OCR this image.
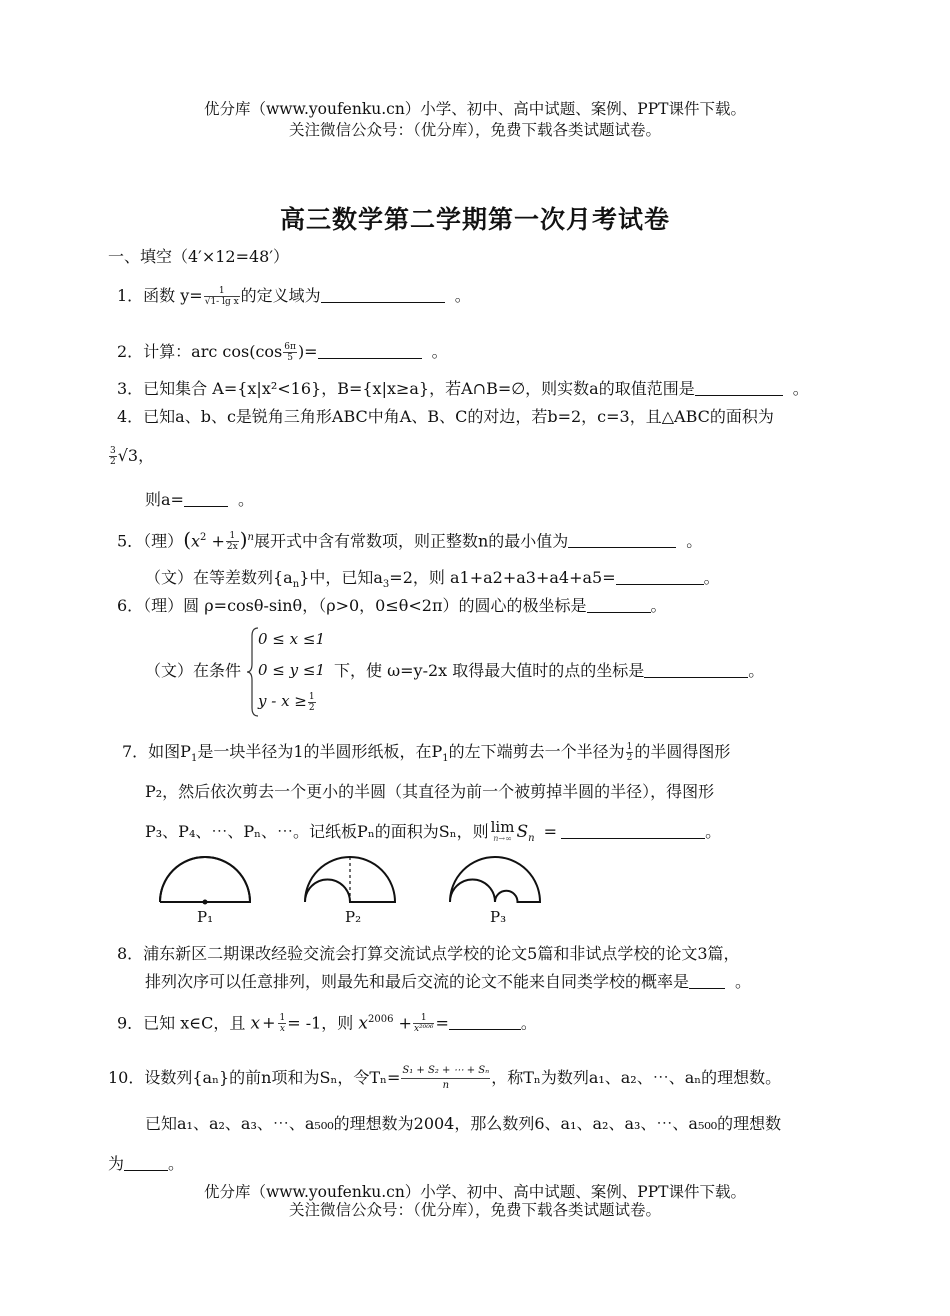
优分库（www.youfenku.cn）小学、初中、高中试题、案例、PPT课件下载。
关注微信公众号：（优分库），免费下载各类试题试卷。
高三数学第二学期第一次月考试卷
一、填空（4′×12=48′）
1．函数 $y= \frac{1}{\text{√1- lg x}}$ 的定义域为	。
2．计算：arc $\cos(\cos \frac{6\pi}{5}$ )=	。
3．已知集合 A={x|x²<16}，B={x|x≥a}，若A∩B=∅，则实数a的取值范围是	。
4．已知a、b、c是锐角三角形ABC中角A、B、C的对边，若b=2，c=3，且△ABC的面积为
$\frac{3}{2} √3$，
则a=	。
5．（理）$(x^2 + \frac{1}{2x} )^n$展开式中含有常数项，则正整数n的最小值为	。
（文）在等差数列$\{a_n\}$中，已知$a_3=2$，则 a1+a2+a3+a4+a5=	。
6．（理）圆 ρ=cosθ-sinθ，（ρ>0，0≤θ<2π）的圆心的极坐标是	。
（文）在条件
0 ≤ x ≤1
0 ≤ y ≤1
$y - x \ge \frac{1}{2}$
下，使 ω=y-2x 取得最大值时的点的坐标是	。
7．如图$P_1$是一块半径为1的半圆形纸板，在$P_1$的左下端剪去一个半径为 $\frac{1}{2}$ 的半圆得图形
P₂，然后依次剪去一个更小的半圆（其直径为前一个被剪掉半圆的半径），得图形
P₃、P₄、⋯、Pₙ、⋯。记纸板Pₙ的面积为Sₙ，则 lim
n→∞ $S_n$ =	。
P₁	P₂	P₃
8．浦东新区二期课改经验交流会打算交流试点学校的论文5篇和非试点学校的论文3篇，
排列次序可以任意排列，则最先和最后交流的论文不能来自同类学校的概率是	。
9．已知 x∈C，且 $x + \frac{1}{x} = -1$，则 $x^{2006} + \frac{1}{\text{x²⁰⁰⁶}}$ =	。
10．设数列{aₙ}的前n项和为Sₙ，令$T_n= \frac{\text{S₁ + S₂ + ⋯ + Sₙ}}{n}$ ，称Tₙ为数列a₁、a₂、⋯、aₙ的理想数。
已知a₁、a₂、a₃、⋯、a₅₀₀的理想数为2004，那么数列6、a₁、a₂、a₃、⋯、a₅₀₀的理想数
为	。
优分库（www.youfenku.cn）小学、初中、高中试题、案例、PPT课件下载。
关注微信公众号：（优分库），免费下载各类试题试卷。
